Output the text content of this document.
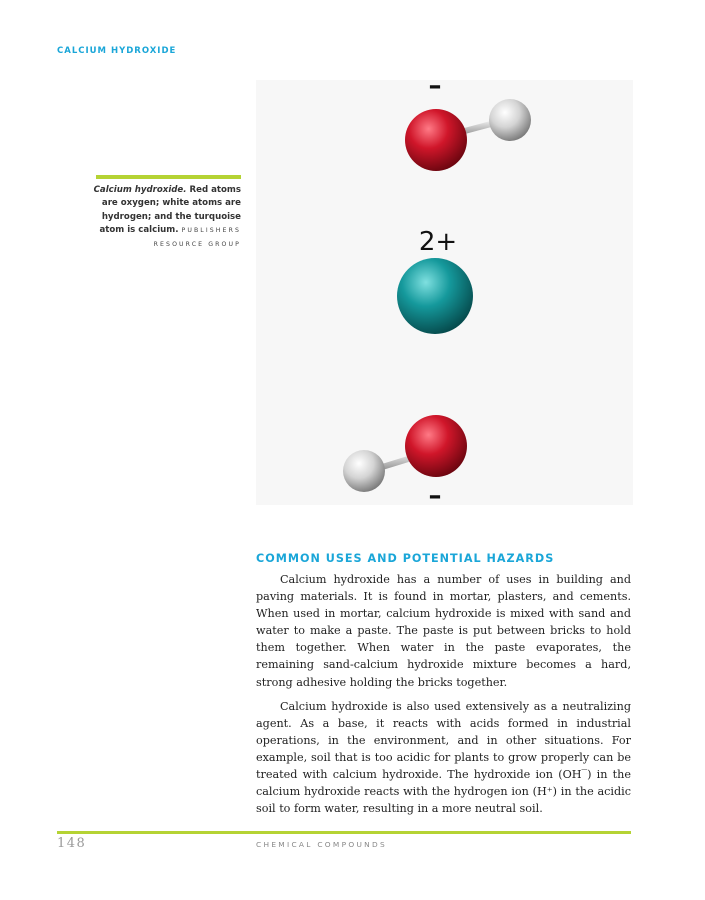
CALCIUM HYDROXIDE
–
2+
–
Calcium hydroxide. Red atoms are oxygen; white atoms are hydrogen; and the turquoise atom is calcium. PUBLISHERS RESOURCE GROUP
COMMON USES AND POTENTIAL HAZARDS

Calcium hydroxide has a number of uses in building and paving materials. It is found in mortar, plasters, and cements. When used in mortar, calcium hydroxide is mixed with sand and water to make a paste. The paste is put between bricks to hold them together. When water in the paste evaporates, the remaining sand-calcium hydroxide mixture becomes a hard, strong adhesive holding the bricks together.

Calcium hydroxide is also used extensively as a neutralizing agent. As a base, it reacts with acids formed in industrial operations, in the environment, and in other situations. For example, soil that is too acidic for plants to grow properly can be treated with calcium hydroxide. The hydroxide ion (OH‾) in the calcium hydroxide reacts with the hydrogen ion (H⁺) in the acidic soil to form water, resulting in a more neutral soil.

148	CHEMICAL COMPOUNDS
